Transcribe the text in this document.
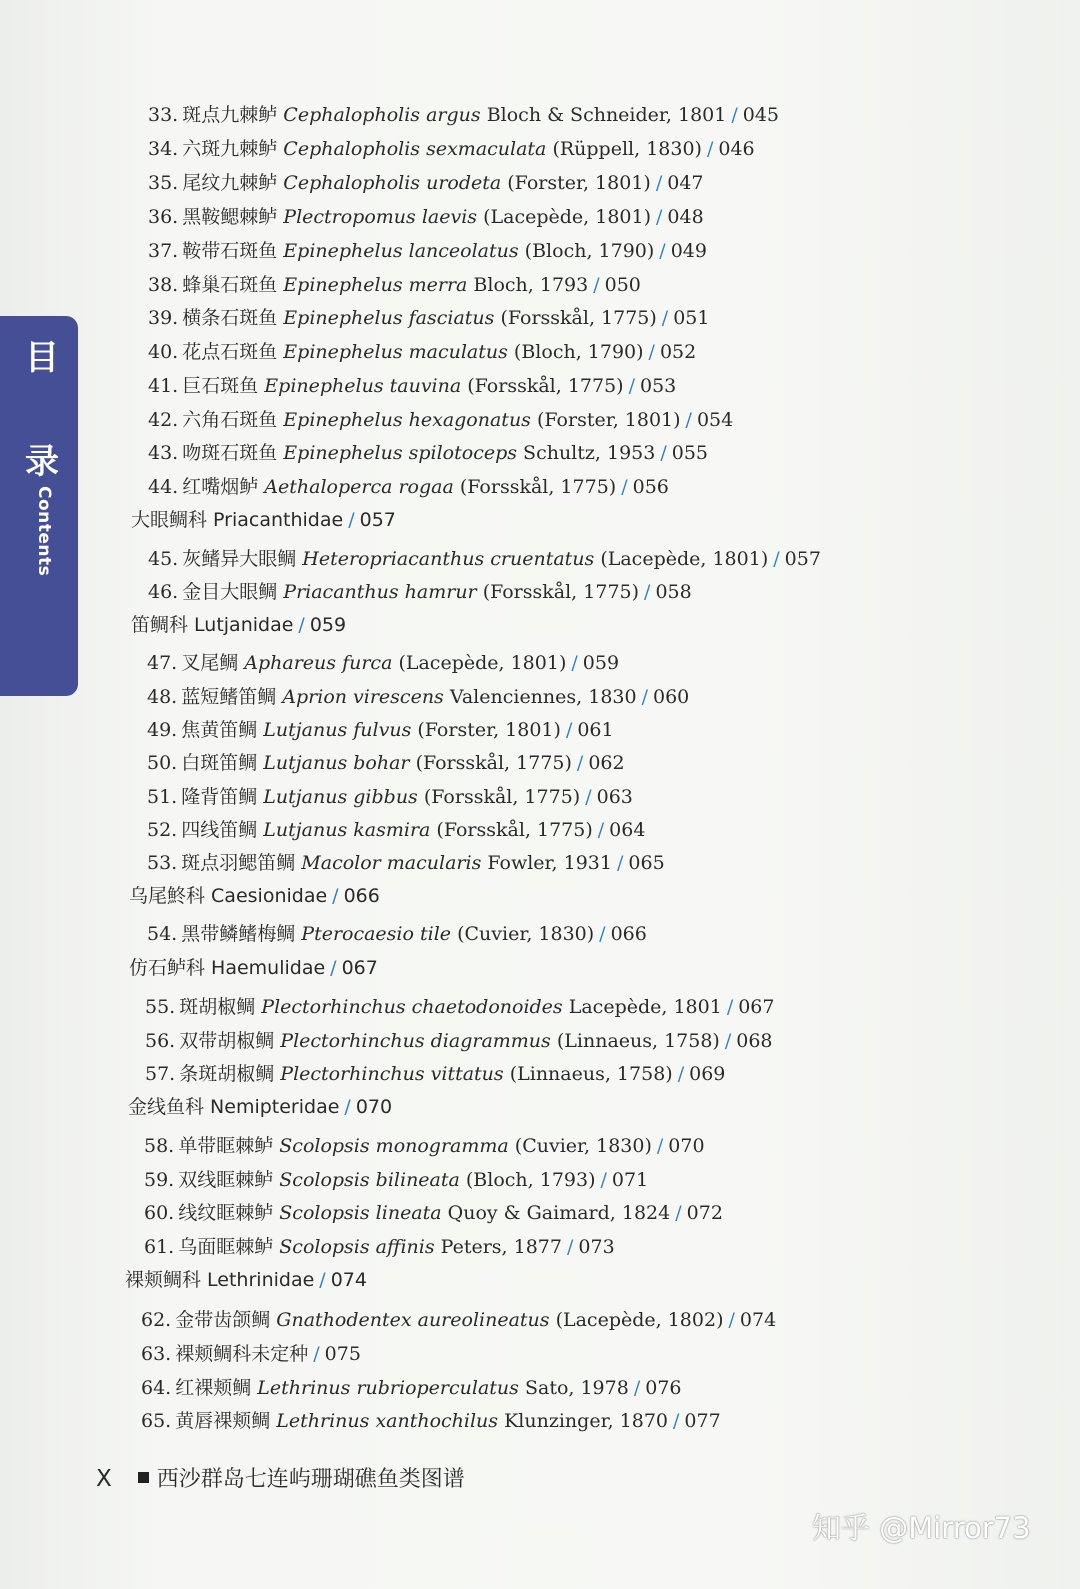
目
录
Contents
33. 斑点九棘鲈 Cephalopholis argus Bloch & Schneider, 1801 / 045
34. 六斑九棘鲈 Cephalopholis sexmaculata (Rüppell, 1830) / 046
35. 尾纹九棘鲈 Cephalopholis urodeta (Forster, 1801) / 047
36. 黑鞍鳃棘鲈 Plectropomus laevis (Lacepède, 1801) / 048
37. 鞍带石斑鱼 Epinephelus lanceolatus (Bloch, 1790) / 049
38. 蜂巢石斑鱼 Epinephelus merra Bloch, 1793 / 050
39. 横条石斑鱼 Epinephelus fasciatus (Forsskål, 1775) / 051
40. 花点石斑鱼 Epinephelus maculatus (Bloch, 1790) / 052
41. 巨石斑鱼 Epinephelus tauvina (Forsskål, 1775) / 053
42. 六角石斑鱼 Epinephelus hexagonatus (Forster, 1801) / 054
43. 吻斑石斑鱼 Epinephelus spilotoceps Schultz, 1953 / 055
44. 红嘴烟鲈 Aethaloperca rogaa (Forsskål, 1775) / 056
大眼鲷科 Priacanthidae / 057
45. 灰鳍异大眼鲷 Heteropriacanthus cruentatus (Lacepède, 1801) / 057
46. 金目大眼鲷 Priacanthus hamrur (Forsskål, 1775) / 058
笛鲷科 Lutjanidae / 059
47. 叉尾鲷 Aphareus furca (Lacepède, 1801) / 059
48. 蓝短鳍笛鲷 Aprion virescens Valenciennes, 1830 / 060
49. 焦黄笛鲷 Lutjanus fulvus (Forster, 1801) / 061
50. 白斑笛鲷 Lutjanus bohar (Forsskål, 1775) / 062
51. 隆背笛鲷 Lutjanus gibbus (Forsskål, 1775) / 063
52. 四线笛鲷 Lutjanus kasmira (Forsskål, 1775) / 064
53. 斑点羽鳃笛鲷 Macolor macularis Fowler, 1931 / 065
乌尾鮗科 Caesionidae / 066
54. 黑带鳞鳍梅鲷 Pterocaesio tile (Cuvier, 1830) / 066
仿石鲈科 Haemulidae / 067
55. 斑胡椒鲷 Plectorhinchus chaetodonoides Lacepède, 1801 / 067
56. 双带胡椒鲷 Plectorhinchus diagrammus (Linnaeus, 1758) / 068
57. 条斑胡椒鲷 Plectorhinchus vittatus (Linnaeus, 1758) / 069
金线鱼科 Nemipteridae / 070
58. 单带眶棘鲈 Scolopsis monogramma (Cuvier, 1830) / 070
59. 双线眶棘鲈 Scolopsis bilineata (Bloch, 1793) / 071
60. 线纹眶棘鲈 Scolopsis lineata Quoy & Gaimard, 1824 / 072
61. 乌面眶棘鲈 Scolopsis affinis Peters, 1877 / 073
裸颊鲷科 Lethrinidae / 074
62. 金带齿颌鲷 Gnathodentex aureolineatus (Lacepède, 1802) / 074
63. 裸颊鲷科未定种 / 075
64. 红裸颊鲷 Lethrinus rubrioperculatus Sato, 1978 / 076
65. 黄唇裸颊鲷 Lethrinus xanthochilus Klunzinger, 1870 / 077
X 西沙群岛七连屿珊瑚礁鱼类图谱
知乎 @Mirror73
